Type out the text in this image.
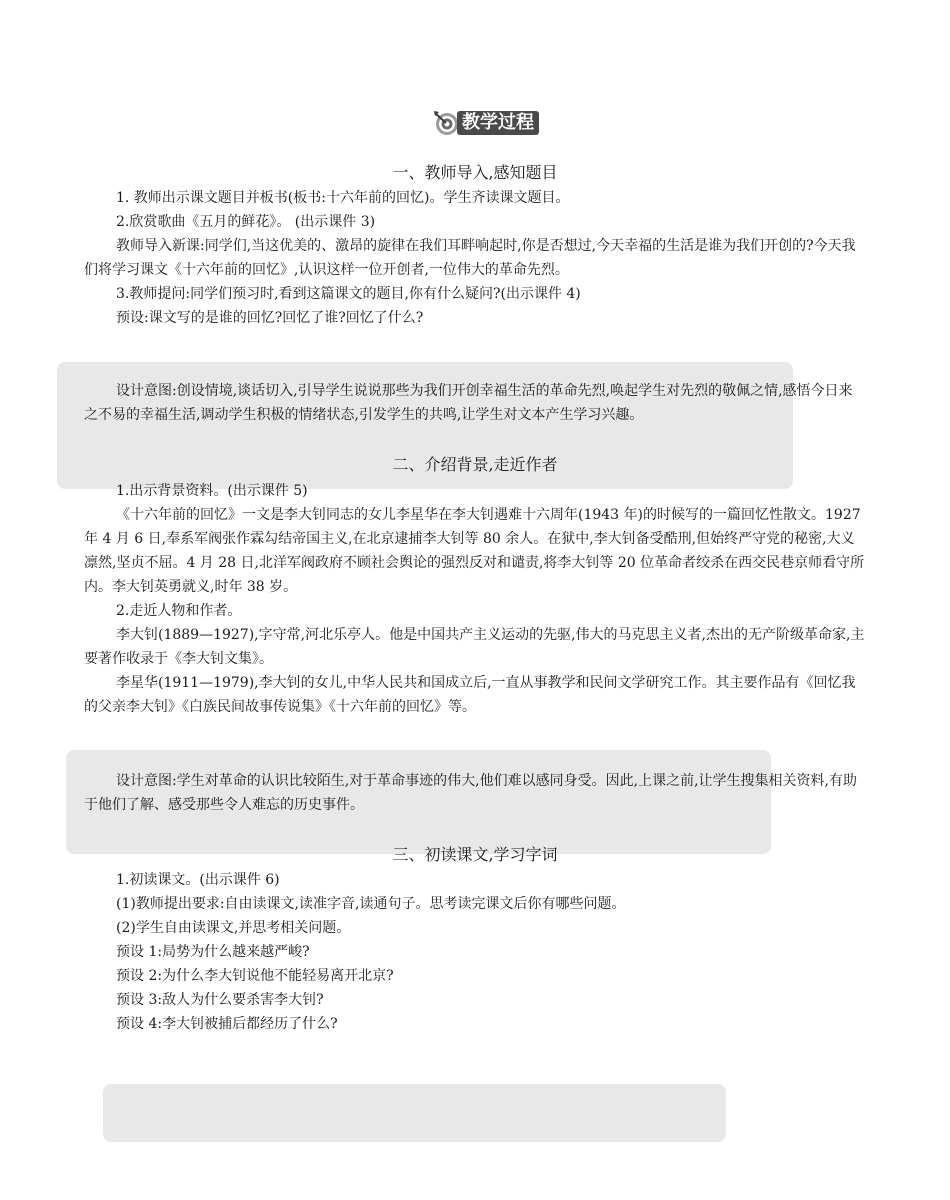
教学过程
一、教师导入,感知题目

1. 教师出示课文题目并板书(板书:十六年前的回忆)。学生齐读课文题目。

2.欣赏歌曲《五月的鲜花》。 (出示课件 3)

教师导入新课:同学们,当这优美的、激昂的旋律在我们耳畔响起时,你是否想过,今天幸福的生活是谁为我们开创的?今天我们将学习课文《十六年前的回忆》,认识这样一位开创者,一位伟大的革命先烈。

3.教师提问:同学们预习时,看到这篇课文的题目,你有什么疑问?(出示课件 4)

预设:课文写的是谁的回忆?回忆了谁?回忆了什么?

设计意图:创设情境,谈话切入,引导学生说说那些为我们开创幸福生活的革命先烈,唤起学生对先烈的敬佩之情,感悟今日来之不易的幸福生活,调动学生积极的情绪状态,引发学生的共鸣,让学生对文本产生学习兴趣。

二、介绍背景,走近作者

1.出示背景资料。(出示课件 5)

《十六年前的回忆》一文是李大钊同志的女儿李星华在李大钊遇难十六周年(1943 年)的时候写的一篇回忆性散文。1927 年 4 月 6 日,奉系军阀张作霖勾结帝国主义,在北京逮捕李大钊等 80 余人。在狱中,李大钊备受酷刑,但始终严守党的秘密,大义凛然,坚贞不屈。4 月 28 日,北洋军阀政府不顾社会舆论的强烈反对和谴责,将李大钊等 20 位革命者绞杀在西交民巷京师看守所内。李大钊英勇就义,时年 38 岁。

2.走近人物和作者。

李大钊(1889—1927),字守常,河北乐亭人。他是中国共产主义运动的先驱,伟大的马克思主义者,杰出的无产阶级革命家,主要著作收录于《李大钊文集》。

李星华(1911—1979),李大钊的女儿,中华人民共和国成立后,一直从事教学和民间文学研究工作。其主要作品有《回忆我的父亲李大钊》《白族民间故事传说集》《十六年前的回忆》等。

设计意图:学生对革命的认识比较陌生,对于革命事迹的伟大,他们难以感同身受。因此,上课之前,让学生搜集相关资料,有助于他们了解、感受那些令人难忘的历史事件。

三、初读课文,学习字词

1.初读课文。(出示课件 6)

(1)教师提出要求:自由读课文,读准字音,读通句子。思考读完课文后你有哪些问题。

(2)学生自由读课文,并思考相关问题。

预设 1:局势为什么越来越严峻?

预设 2:为什么李大钊说他不能轻易离开北京?

预设 3:敌人为什么要杀害李大钊?

预设 4:李大钊被捕后都经历了什么?
